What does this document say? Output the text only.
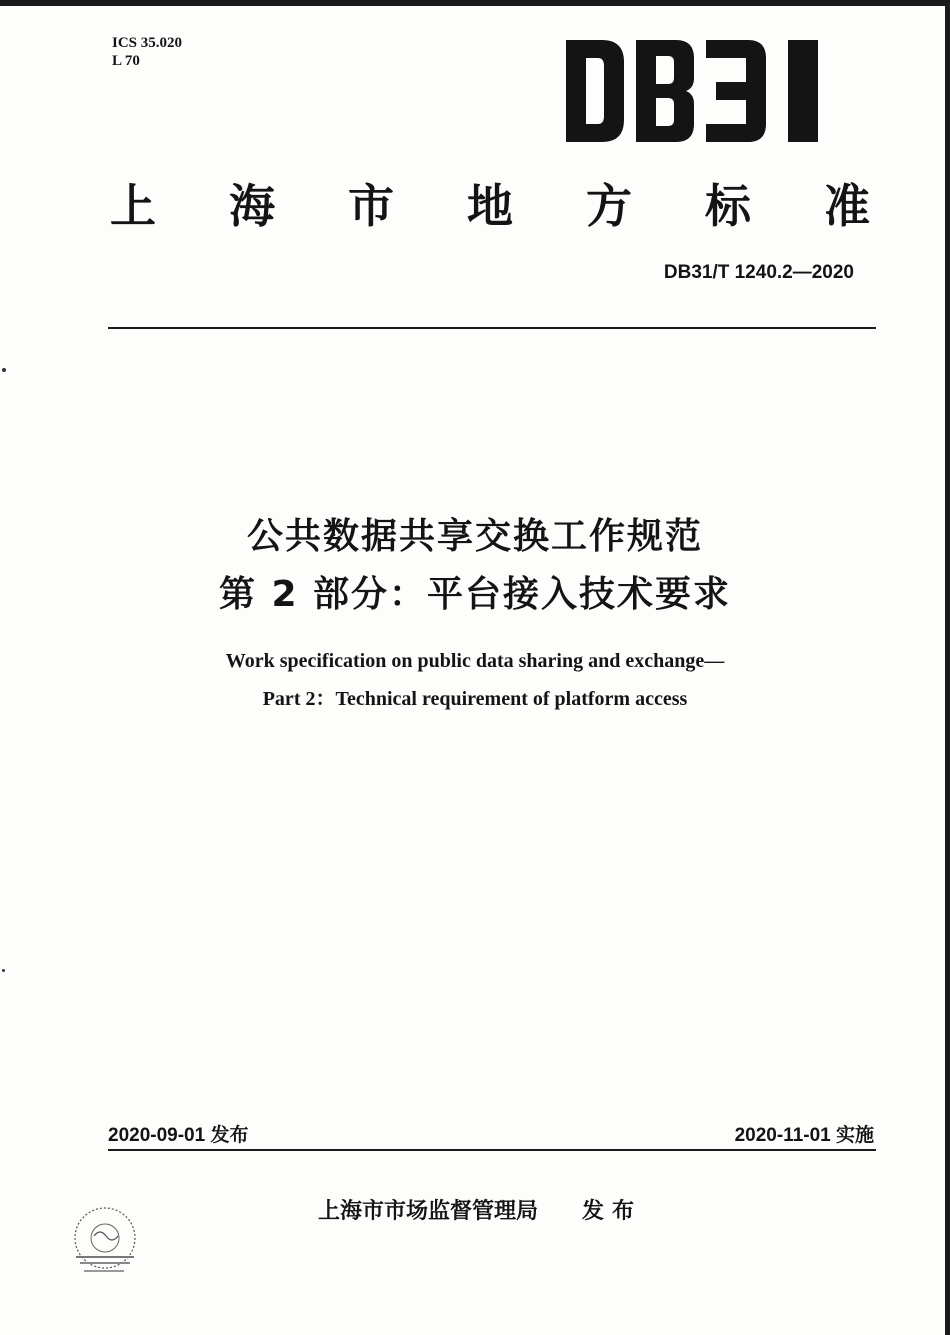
ICS 35.020
L 70
上 海 市 地 方 标 准
DB31/T 1240.2—2020
公共数据共享交换工作规范
第 2 部分：平台接入技术要求
Work specification on public data sharing and exchange—
Part 2：Technical requirement of platform access
2020-09-01 发布	2020-11-01 实施
上海市市场监督管理局 发布
